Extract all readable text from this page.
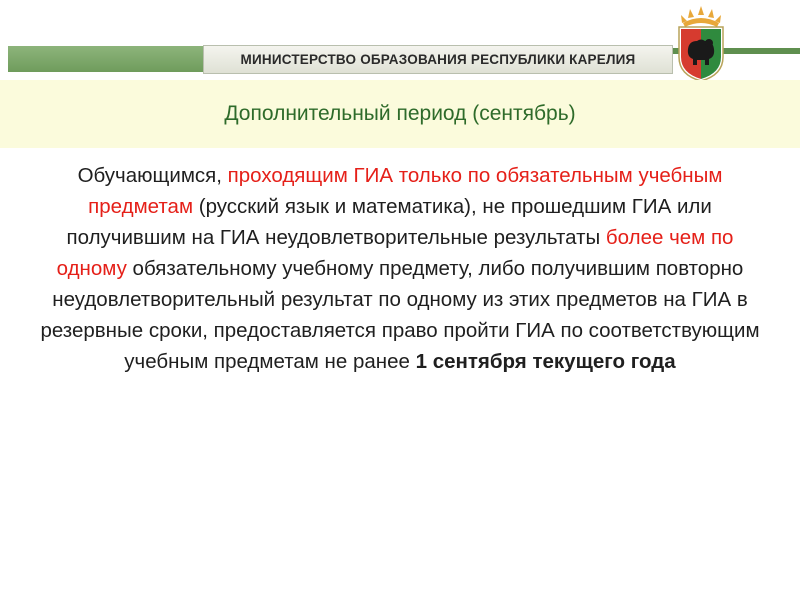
МИНИСТЕРСТВО ОБРАЗОВАНИЯ РЕСПУБЛИКИ КАРЕЛИЯ
Дополнительный период (сентябрь)
Обучающимся, проходящим ГИА только по обязательным учебным предметам (русский язык и математика), не прошедшим ГИА или получившим на ГИА неудовлетворительные результаты более чем по одному обязательному учебному предмету, либо получившим повторно неудовлетворительный результат по одному из этих предметов на ГИА в резервные сроки, предоставляется право пройти ГИА по соответствующим учебным предметам не ранее 1 сентября текущего года
